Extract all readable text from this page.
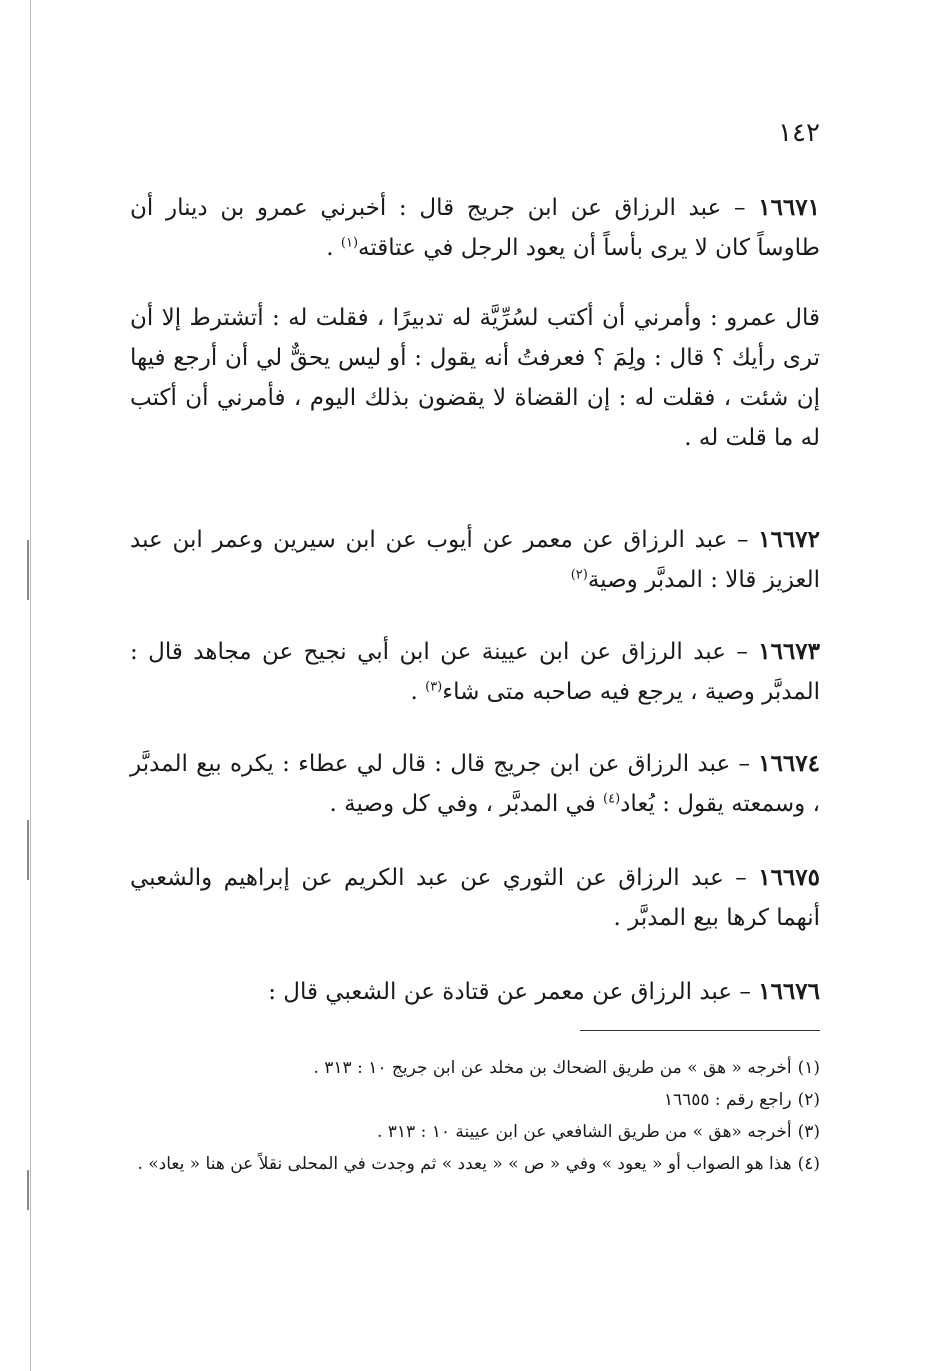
١٤٢

١٦٦٧١ – عبد الرزاق عن ابن جريج قال : أخبرني عمرو بن دينار أن طاوساً كان لا يرى بأساً أن يعود الرجل في عتاقته$^{(١)}$ .

قال عمرو : وأمرني أن أكتب لسُرِّيَّة له تدبيرًا ، فقلت له : أتشترط إلا أن ترى رأيك ؟ قال : ولِمَ ؟ فعرفتُ أنه يقول : أو ليس يحقٌّ لي أن أرجع فيها إن شئت ، فقلت له : إن القضاة لا يقضون بذلك اليوم ، فأمرني أن أكتب له ما قلت له .

١٦٦٧٢ – عبد الرزاق عن معمر عن أيوب عن ابن سيرين وعمر ابن عبد العزيز قالا : المدبَّر وصية$^{(٢)}$

١٦٦٧٣ – عبد الرزاق عن ابن عيينة عن ابن أبي نجيح عن مجاهد قال : المدبَّر وصية ، يرجع فيه صاحبه متى شاء$^{(٣)}$ .

١٦٦٧٤ – عبد الرزاق عن ابن جريج قال : قال لي عطاء : يكره بيع المدبَّر ، وسمعته يقول : يُعاد$^{(٤)}$ في المدبَّر ، وفي كل وصية .

١٦٦٧٥ – عبد الرزاق عن الثوري عن عبد الكريم عن إبراهيم والشعبي أنهما كرها بيع المدبَّر .

١٦٦٧٦ – عبد الرزاق عن معمر عن قتادة عن الشعبي قال :

(١)أخرجه « هق » من طريق الضحاك بن مخلد عن ابن جريج ١٠ : ٣١٣ .

(٢)راجع رقم : ١٦٦٥٥

(٣)أخرجه «هق » من طريق الشافعي عن ابن عيينة ١٠ : ٣١٣ .

(٤)هذا هو الصواب أو « يعود » وفي « ص » « يعدد » ثم وجدت في المحلى نقلاً عن هنا « يعاد» .
